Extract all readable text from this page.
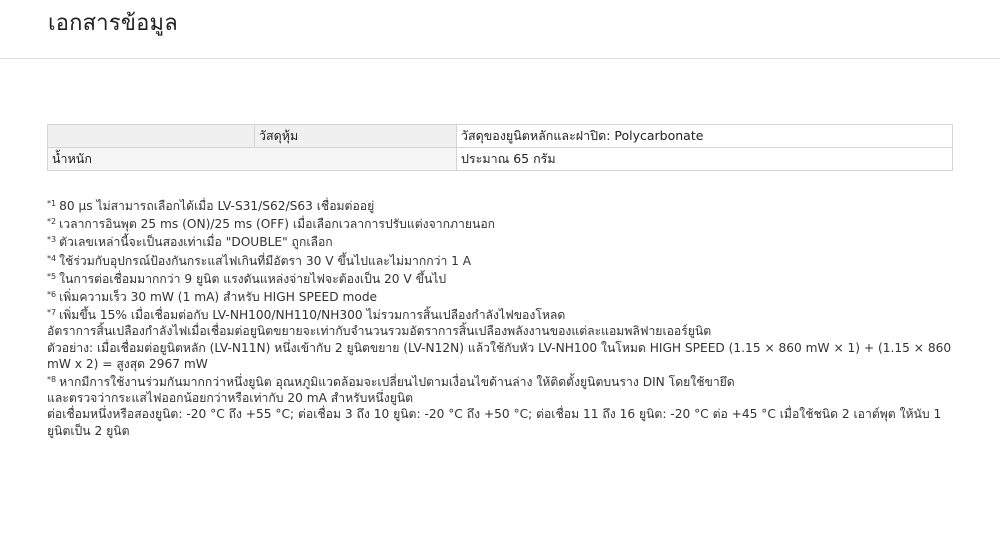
เอกสารข้อมูล
	วัสดุหุ้ม	วัสดุของยูนิตหลักและฝาปิด: Polycarbonate
น้ำหนัก		ประมาณ 65 กรัม

$^{*1}$ 80 µs ไม่สามารถเลือกได้เมื่อ LV-S31/S62/S63 เชื่อมต่ออยู่

$^{*2}$ เวลาการอินพุต 25 ms (ON)/25 ms (OFF) เมื่อเลือกเวลาการปรับแต่งจากภายนอก

$^{*3}$ ตัวเลขเหล่านี้จะเป็นสองเท่าเมื่อ "DOUBLE" ถูกเลือก

$^{*4}$ ใช้ร่วมกับอุปกรณ์ป้องกันกระแสไฟเกินที่มีอัตรา 30 V ขึ้นไปและไม่มากกว่า 1 A

$^{*5}$ ในการต่อเชื่อมมากกว่า 9 ยูนิต แรงดันแหล่งจ่ายไฟจะต้องเป็น 20 V ขึ้นไป

$^{*6}$ เพิ่มความเร็ว 30 mW (1 mA) สำหรับ HIGH SPEED mode

$^{*7}$ เพิ่มขึ้น 15% เมื่อเชื่อมต่อกับ LV-NH100/NH110/NH300 ไม่รวมการสิ้นเปลืองกำลังไฟของโหลด

อัตราการสิ้นเปลืองกำลังไฟเมื่อเชื่อมต่อยูนิตขยายจะเท่ากับจำนวนรวมอัตราการสิ้นเปลืองพลังงานของแต่ละแอมพลิฟายเออร์ยูนิต

ตัวอย่าง: เมื่อเชื่อมต่อยูนิตหลัก (LV-N11N) หนึ่งเข้ากับ 2 ยูนิตขยาย (LV-N12N) แล้วใช้กับหัว LV-NH100 ในโหมด HIGH SPEED (1.15 × 860 mW × 1) + (1.15 × 860 mW x 2) = สูงสุด 2967 mW

$^{*8}$ หากมีการใช้งานร่วมกันมากกว่าหนึ่งยูนิต อุณหภูมิแวดล้อมจะเปลี่ยนไปตามเงื่อนไขด้านล่าง ให้ติดตั้งยูนิตบนราง DIN โดยใช้ขายึด

และตรวจว่ากระแสไฟออกน้อยกว่าหรือเท่ากับ 20 mA สำหรับหนึ่งยูนิต

ต่อเชื่อมหนึ่งหรือสองยูนิต: -20 °C ถึง +55 °C; ต่อเชื่อม 3 ถึง 10 ยูนิต: -20 °C ถึง +50 °C; ต่อเชื่อม 11 ถึง 16 ยูนิต: -20 °C ต่อ +45 °C เมื่อใช้ชนิด 2 เอาต์พุต ให้นับ 1 ยูนิตเป็น 2 ยูนิต
